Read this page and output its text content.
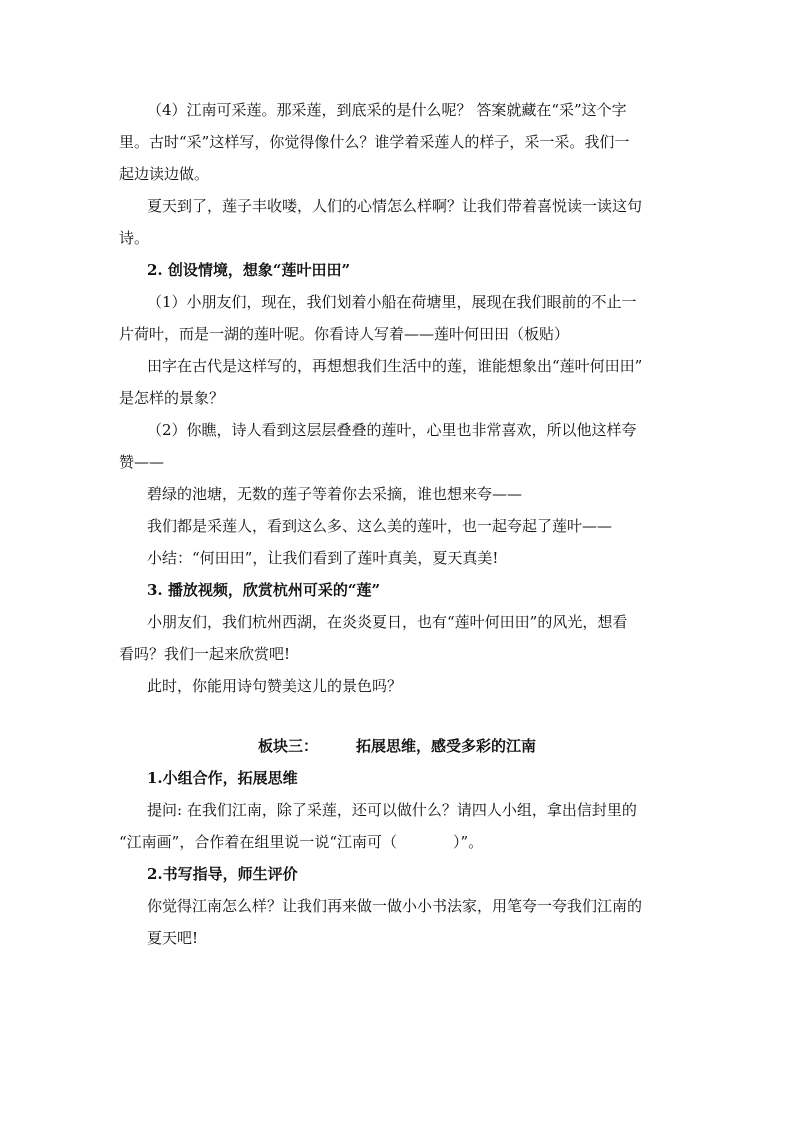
（4）江南可采莲。那采莲，到底采的是什么呢？ 答案就藏在“采”这个字
里。古时“采”这样写，你觉得像什么？谁学着采莲人的样子，采一采。我们一
起边读边做。
夏天到了，莲子丰收喽，人们的心情怎么样啊？让我们带着喜悦读一读这句
诗。
2. 创设情境，想象“莲叶田田”
（1）小朋友们，现在，我们划着小船在荷塘里，展现在我们眼前的不止一
片荷叶，而是一湖的莲叶呢。你看诗人写着——莲叶何田田（板贴）
田字在古代是这样写的，再想想我们生活中的莲，谁能想象出“莲叶何田田”
是怎样的景象？
（2）你瞧，诗人看到这层层叠叠的莲叶，心里也非常喜欢，所以他这样夸
赞——
碧绿的池塘，无数的莲子等着你去采摘，谁也想来夸——
我们都是采莲人，看到这么多、这么美的莲叶，也一起夸起了莲叶——
小结：“何田田”，让我们看到了莲叶真美，夏天真美!
3. 播放视频，欣赏杭州可采的“莲”
小朋友们，我们杭州西湖，在炎炎夏日，也有“莲叶何田田”的风光，想看
看吗？我们一起来欣赏吧!
此时，你能用诗句赞美这儿的景色吗？
板块三：	拓展思维，感受多彩的江南
1.小组合作，拓展思维
提问: 在我们江南，除了采莲，还可以做什么？请四人小组，拿出信封里的
“江南画”，合作着在组里说一说“江南可（	）”。
2.书写指导，师生评价
你觉得江南怎么样？让我们再来做一做小小书法家，用笔夸一夸我们江南的
夏天吧!
